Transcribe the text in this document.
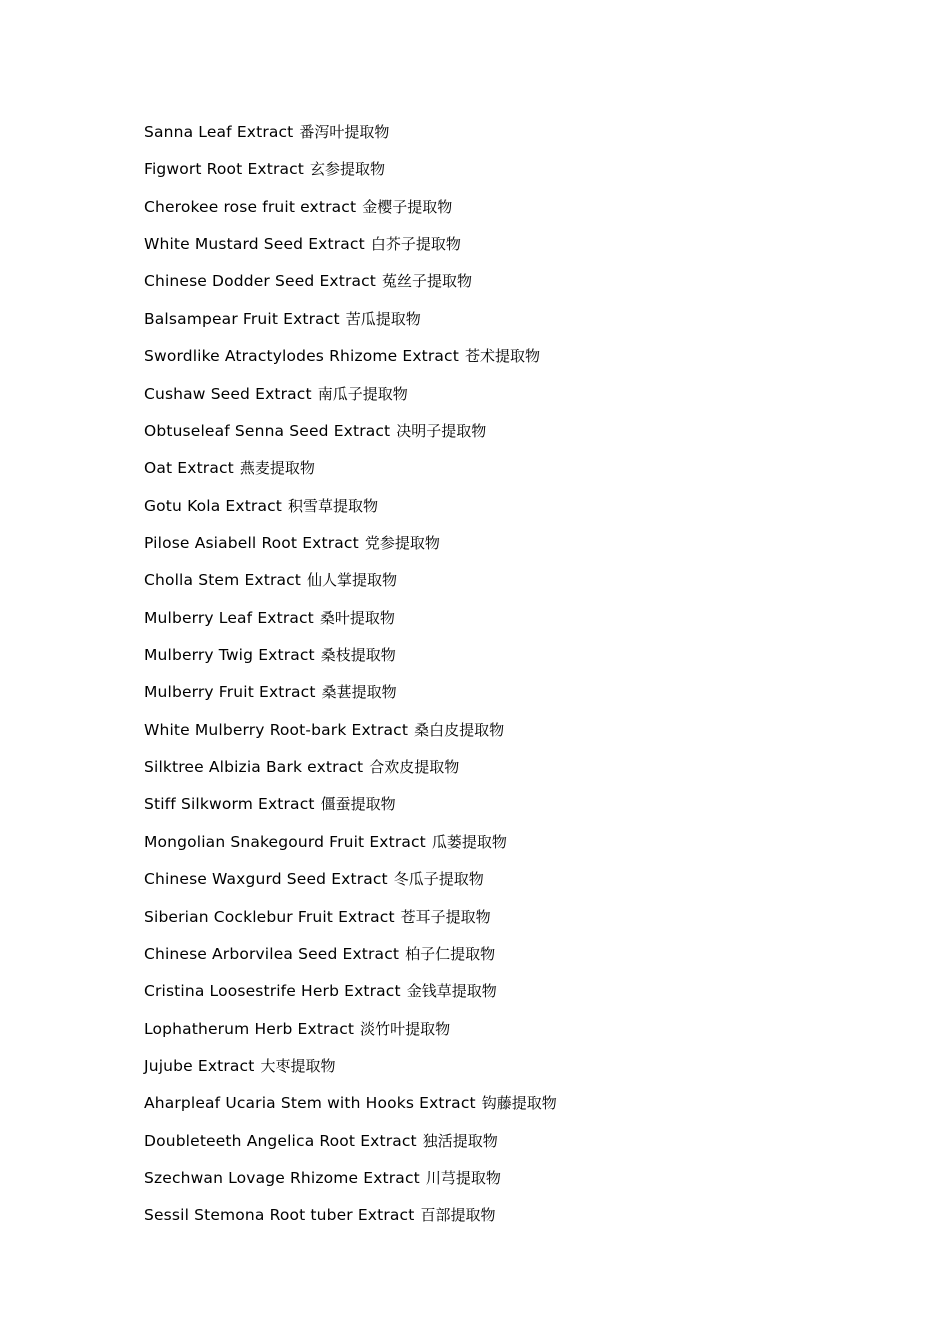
Sanna Leaf Extract 番泻叶提取物
Figwort Root Extract 玄参提取物
Cherokee rose fruit extract 金樱子提取物
White Mustard Seed Extract 白芥子提取物
Chinese Dodder Seed Extract 菟丝子提取物
Balsampear Fruit Extract 苦瓜提取物
Swordlike Atractylodes Rhizome Extract 苍术提取物
Cushaw Seed Extract 南瓜子提取物
Obtuseleaf Senna Seed Extract 决明子提取物
Oat Extract 燕麦提取物
Gotu Kola Extract 积雪草提取物
Pilose Asiabell Root Extract 党参提取物
Cholla Stem Extract 仙人掌提取物
Mulberry Leaf Extract 桑叶提取物
Mulberry Twig Extract 桑枝提取物
Mulberry Fruit Extract 桑葚提取物
White Mulberry Root-bark Extract 桑白皮提取物
Silktree Albizia Bark extract 合欢皮提取物
Stiff Silkworm Extract 僵蚕提取物
Mongolian Snakegourd Fruit Extract 瓜蒌提取物
Chinese Waxgurd Seed Extract 冬瓜子提取物
Siberian Cocklebur Fruit Extract 苍耳子提取物
Chinese Arborvilea Seed Extract 柏子仁提取物
Cristina Loosestrife Herb Extract 金钱草提取物
Lophatherum Herb Extract 淡竹叶提取物
Jujube Extract 大枣提取物
Aharpleaf Ucaria Stem with Hooks Extract 钩藤提取物
Doubleteeth Angelica Root Extract 独活提取物
Szechwan Lovage Rhizome Extract 川芎提取物
Sessil Stemona Root tuber Extract 百部提取物
